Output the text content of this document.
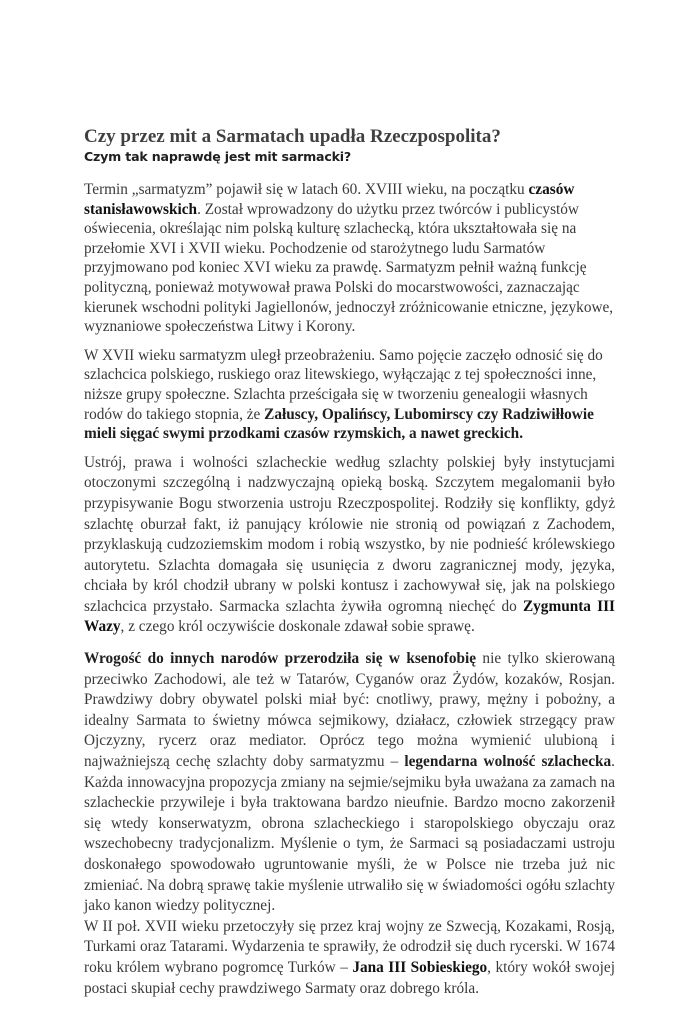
Czy przez mit a Sarmatach upadła Rzeczpospolita?
Czym tak naprawdę jest mit sarmacki?

Termin „sarmatyzm” pojawił się w latach 60. XVIII wieku, na początku czasów stanisławowskich. Został wprowadzony do użytku przez twórców i publicystów oświecenia, określając nim polską kulturę szlachecką, która ukształtowała się na przełomie XVI i XVII wieku. Pochodzenie od starożytnego ludu Sarmatów przyjmowano pod koniec XVI wieku za prawdę. Sarmatyzm pełnił ważną funkcję polityczną, ponieważ motywował prawa Polski do mocarstwowości, zaznaczając kierunek wschodni polityki Jagiellonów, jednoczył zróżnicowanie etniczne, językowe, wyznaniowe społeczeństwa Litwy i Korony.

W XVII wieku sarmatyzm uległ przeobrażeniu. Samo pojęcie zaczęło odnosić się do szlachcica polskiego, ruskiego oraz litewskiego, wyłączając z tej społeczności inne, niższe grupy społeczne. Szlachta prześcigała się w tworzeniu genealogii własnych rodów do takiego stopnia, że Załuscy, Opalińscy, Lubomirscy czy Radziwiłłowie mieli sięgać swymi przodkami czasów rzymskich, a nawet greckich.

Ustrój, prawa i wolności szlacheckie według szlachty polskiej były instytucjami otoczonymi szczególną i nadzwyczajną opieką boską. Szczytem megalomanii było przypisywanie Bogu stworzenia ustroju Rzeczpospolitej. Rodziły się konflikty, gdyż szlachtę oburzał fakt, iż panujący królowie nie stronią od powiązań z Zachodem, przyklaskują cudzoziemskim modom i robią wszystko, by nie podnieść królewskiego autorytetu. Szlachta domagała się usunięcia z dworu zagranicznej mody, języka, chciała by król chodził ubrany w polski kontusz i zachowywał się, jak na polskiego szlachcica przystało. Sarmacka szlachta żywiła ogromną niechęć do Zygmunta III Wazy, z czego król oczywiście doskonale zdawał sobie sprawę.

Wrogość do innych narodów przerodziła się w ksenofobię nie tylko skierowaną przeciwko Zachodowi, ale też w Tatarów, Cyganów oraz Żydów, kozaków, Rosjan. Prawdziwy dobry obywatel polski miał być: cnotliwy, prawy, mężny i pobożny, a idealny Sarmata to świetny mówca sejmikowy, działacz, człowiek strzegący praw Ojczyzny, rycerz oraz mediator. Oprócz tego można wymienić ulubioną i najważniejszą cechę szlachty doby sarmatyzmu – legendarna wolność szlachecka. Każda innowacyjna propozycja zmiany na sejmie/sejmiku była uważana za zamach na szlacheckie przywileje i była traktowana bardzo nieufnie. Bardzo mocno zakorzenił się wtedy konserwatyzm, obrona szlacheckiego i staropolskiego obyczaju oraz wszechobecny tradycjonalizm. Myślenie o tym, że Sarmaci są posiadaczami ustroju doskonałego spowodowało ugruntowanie myśli, że w Polsce nie trzeba już nic zmieniać. Na dobrą sprawę takie myślenie utrwaliło się w świadomości ogółu szlachty jako kanon wiedzy politycznej.

W II poł. XVII wieku przetoczyły się przez kraj wojny ze Szwecją, Kozakami, Rosją, Turkami oraz Tatarami. Wydarzenia te sprawiły, że odrodził się duch rycerski. W 1674 roku królem wybrano pogromcę Turków – Jana III Sobieskiego, który wokół swojej postaci skupiał cechy prawdziwego Sarmaty oraz dobrego króla.
